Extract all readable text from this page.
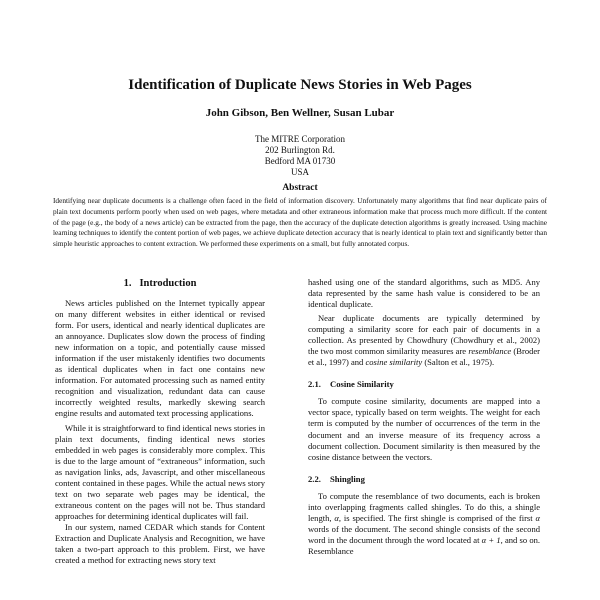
Identification of Duplicate News Stories in Web Pages
John Gibson, Ben Wellner, Susan Lubar
The MITRE Corporation
202 Burlington Rd.
Bedford MA 01730
USA
Abstract

Identifying near duplicate documents is a challenge often faced in the field of information discovery. Unfortunately many algorithms that find near duplicate pairs of plain text documents perform poorly when used on web pages, where metadata and other extraneous information make that process much more difficult. If the content of the page (e.g., the body of a news article) can be extracted from the page, then the accuracy of the duplicate detection algorithms is greatly increased. Using machine learning techniques to identify the content portion of web pages, we achieve duplicate detection accuracy that is nearly identical to plain text and significantly better than simple heuristic approaches to content extraction. We performed these experiments on a small, but fully annotated corpus.

1. Introduction

News articles published on the Internet typically appear on many different websites in either identical or revised form. For users, identical and nearly identical duplicates are an annoyance. Duplicates slow down the process of finding new information on a topic, and potentially cause missed information if the user mistakenly identifies two documents as identical duplicates when in fact one contains new information. For automated processing such as named entity recognition and visualization, redundant data can cause incorrectly weighted results, markedly skewing search engine results and automated text processing applications.

While it is straightforward to find identical news stories in plain text documents, finding identical news stories embedded in web pages is considerably more complex. This is due to the large amount of “extraneous” information, such as navigation links, ads, Javascript, and other miscellaneous content contained in these pages. While the actual news story text on two separate web pages may be identical, the extraneous content on the pages will not be. Thus standard approaches for determining identical duplicates will fail.

In our system, named CEDAR which stands for Content Extraction and Duplicate Analysis and Recognition, we have taken a two-part approach to this problem. First, we have created a method for extracting news story text

hashed using one of the standard algorithms, such as MD5. Any data represented by the same hash value is considered to be an identical duplicate.

Near duplicate documents are typically determined by computing a similarity score for each pair of documents in a collection. As presented by Chowdhury (Chowdhury et al., 2002) the two most common similarity measures are resemblance (Broder et al., 1997) and cosine similarity (Salton et al., 1975).

2.1. Cosine Similarity

To compute cosine similarity, documents are mapped into a vector space, typically based on term weights. The weight for each term is computed by the number of occurrences of the term in the document and an inverse measure of its frequency across a document collection. Document similarity is then measured by the cosine distance between the vectors.

2.2. Shingling

To compute the resemblance of two documents, each is broken into overlapping fragments called shingles. To do this, a shingle length, α, is specified. The first shingle is comprised of the first α words of the document. The second shingle consists of the second word in the document through the word located at α + 1, and so on. Resemblance
